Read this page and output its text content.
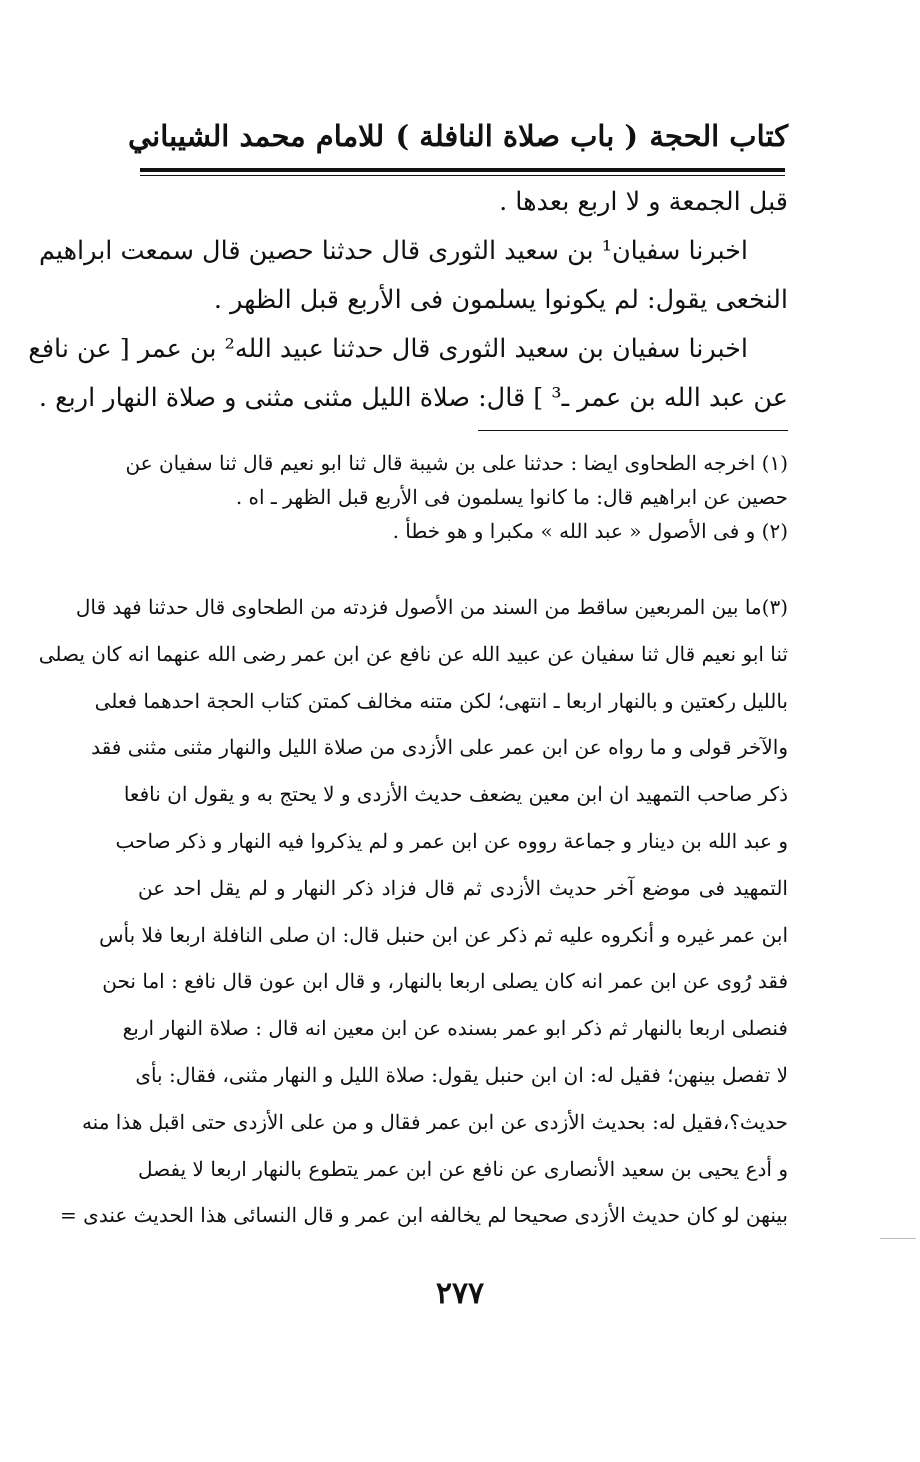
كتاب الحجة
( باب صلاة النافلة )
للامام محمد الشيباني
قبل الجمعة و لا اربع بعدها .
اخبرنا سفيان¹ بن سعيد الثورى قال حدثنا حصين قال سمعت ابراهيم
النخعى يقول: لم يكونوا يسلمون فى الأربع قبل الظهر .
اخبرنا سفيان بن سعيد الثورى قال حدثنا عبيد الله² بن عمر [ عن نافع
عن عبد الله بن عمر ـ³ ] قال: صلاة الليل مثنى مثنى و صلاة النهار اربع .
(١) اخرجه الطحاوى ايضا : حدثنا على بن شيبة قال ثنا ابو نعيم قال ثنا سفيان عن
حصين عن ابراهيم قال: ما كانوا يسلمون فى الأربع قبل الظهر ـ اه .
(٢) و فى الأصول « عبد الله » مكبرا و هو خطأ .
(٣)ما بين المربعين ساقط من السند من الأصول فزدته من الطحاوى قال حدثنا فهد قال
ثنا ابو نعيم قال ثنا سفيان عن عبيد الله عن نافع عن ابن عمر رضى الله عنهما انه كان يصلى
بالليل ركعتين و بالنهار اربعا ـ انتهى؛ لكن متنه مخالف كمتن كتاب الحجة احدهما فعلى
والآخر قولى و ما رواه عن ابن عمر على الأزدى من صلاة الليل والنهار مثنى مثنى فقد
ذكر صاحب التمهيد ان ابن معين يضعف حديث الأزدى و لا يحتج به و يقول ان نافعا
و عبد الله بن دينار و جماعة رووه عن ابن عمر و لم يذكروا فيه النهار و ذكر صاحب
التمهيد فى موضع آخر حديث الأزدى ثم قال فزاد ذكر النهار و لم يقل احد عن
ابن عمر غيره و أنكروه عليه ثم ذكر عن ابن حنبل قال: ان صلى النافلة اربعا فلا بأس
فقد رُوى عن ابن عمر انه كان يصلى اربعا بالنهار، و قال ابن عون قال نافع : اما نحن
فنصلى اربعا بالنهار ثم ذكر ابو عمر بسنده عن ابن معين انه قال : صلاة النهار اربع
لا تفصل بينهن؛ فقيل له: ان ابن حنبل يقول: صلاة الليل و النهار مثنى، فقال: بأى
حديث؟،فقيل له: بحديث الأزدى عن ابن عمر فقال و من على الأزدى حتى اقبل هذا منه
و أدع يحيى بن سعيد الأنصارى عن نافع عن ابن عمر يتطوع بالنهار اربعا لا يفصل
بينهن لو كان حديث الأزدى صحيحا لم يخالفه ابن عمر و قال النسائى هذا الحديث عندى =
٢٧٧
